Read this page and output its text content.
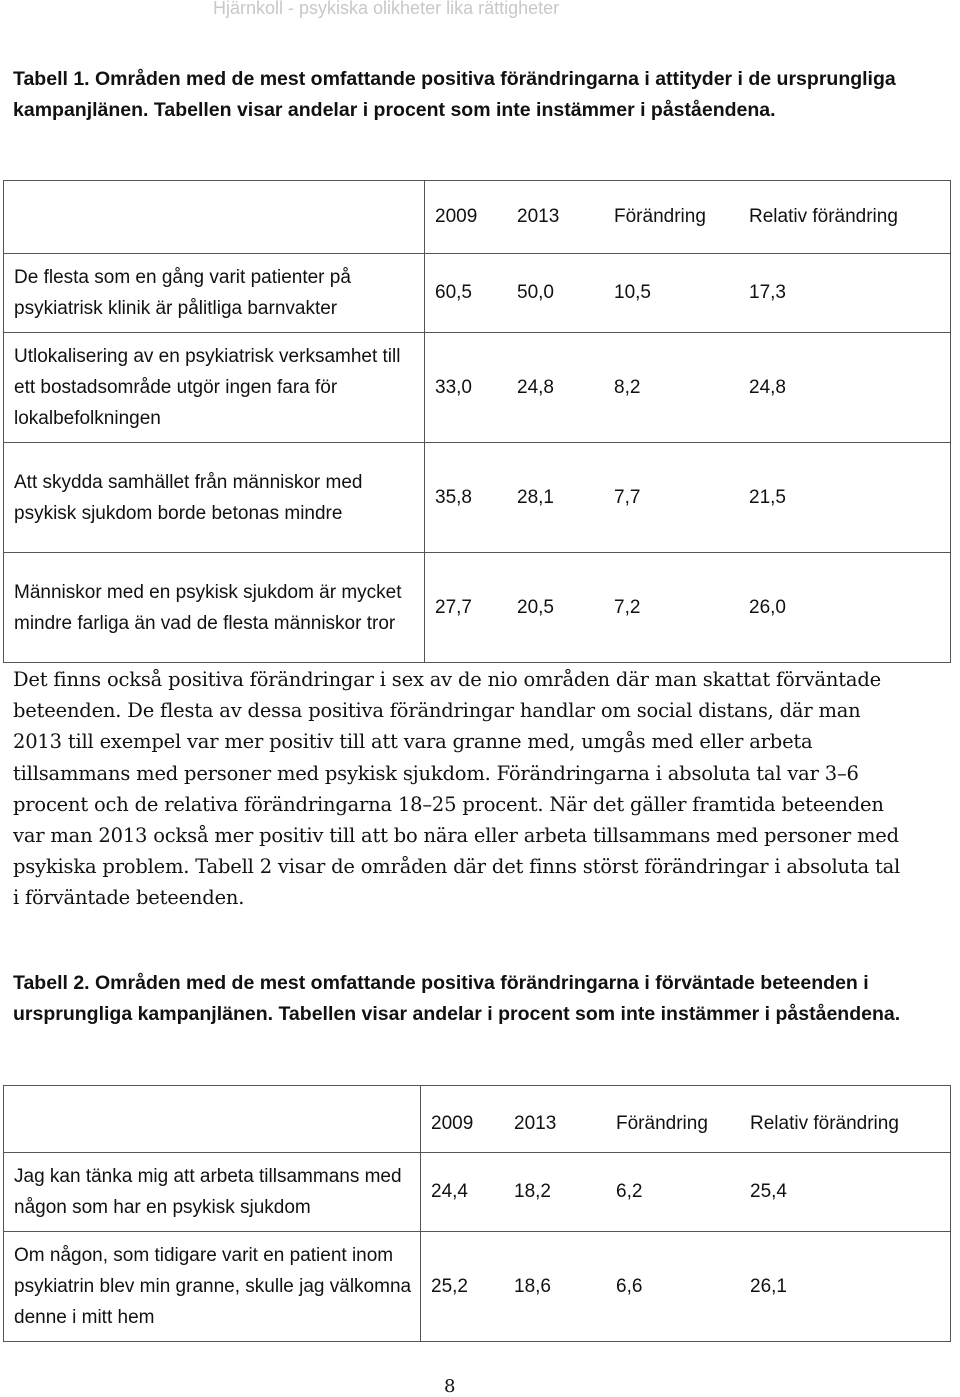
Hjärnkoll - psykiska olikheter lika rättigheter
Tabell 1. Områden med de mest omfattande positiva förändringarna i attityder i de ursprungliga kampanjlänen. Tabellen visar andelar i procent som inte instämmer i påståendena.

	2009 2013 Förändring Relativ förändring

De flesta som en gång varit patienter på psykiatrisk klinik är pålitliga barnvakter	60,5 50,0 10,5 17,3

Utlokalisering av en psykiatrisk verksamhet till ett bostadsområde utgör ingen fara för lokalbefolkningen	33,0 24,8 8,2 24,8

Att skydda samhället från människor med psykisk sjukdom borde betonas mindre	35,8 28,1 7,7 21,5

Människor med en psykisk sjukdom är mycket mindre farliga än vad de flesta människor tror	27,7 20,5 7,2 26,0
Det finns också positiva förändringar i sex av de nio områden där man skattat förväntade beteenden. De flesta av dessa positiva förändringar handlar om social distans, där man 2013 till exempel var mer positiv till att vara granne med, umgås med eller arbeta tillsammans med personer med psykisk sjukdom. Förändringarna i absoluta tal var 3–6 procent och de relativa förändringarna 18–25 procent. När det gäller framtida beteenden var man 2013 också mer positiv till att bo nära eller arbeta tillsammans med personer med psykiska problem. Tabell 2 visar de områden där det finns störst förändringar i absoluta tal i förväntade beteenden.
Tabell 2. Områden med de mest omfattande positiva förändringarna i förväntade beteenden i ursprungliga kampanjlänen. Tabellen visar andelar i procent som inte instämmer i påståendena.

	2009 2013 Förändring Relativ förändring

Jag kan tänka mig att arbeta tillsammans med någon som har en psykisk sjukdom	24,4 18,2 6,2 25,4

Om någon, som tidigare varit en patient inom psykiatrin blev min granne, skulle jag välkomna denne i mitt hem	25,2 18,6 6,6 26,1
8
